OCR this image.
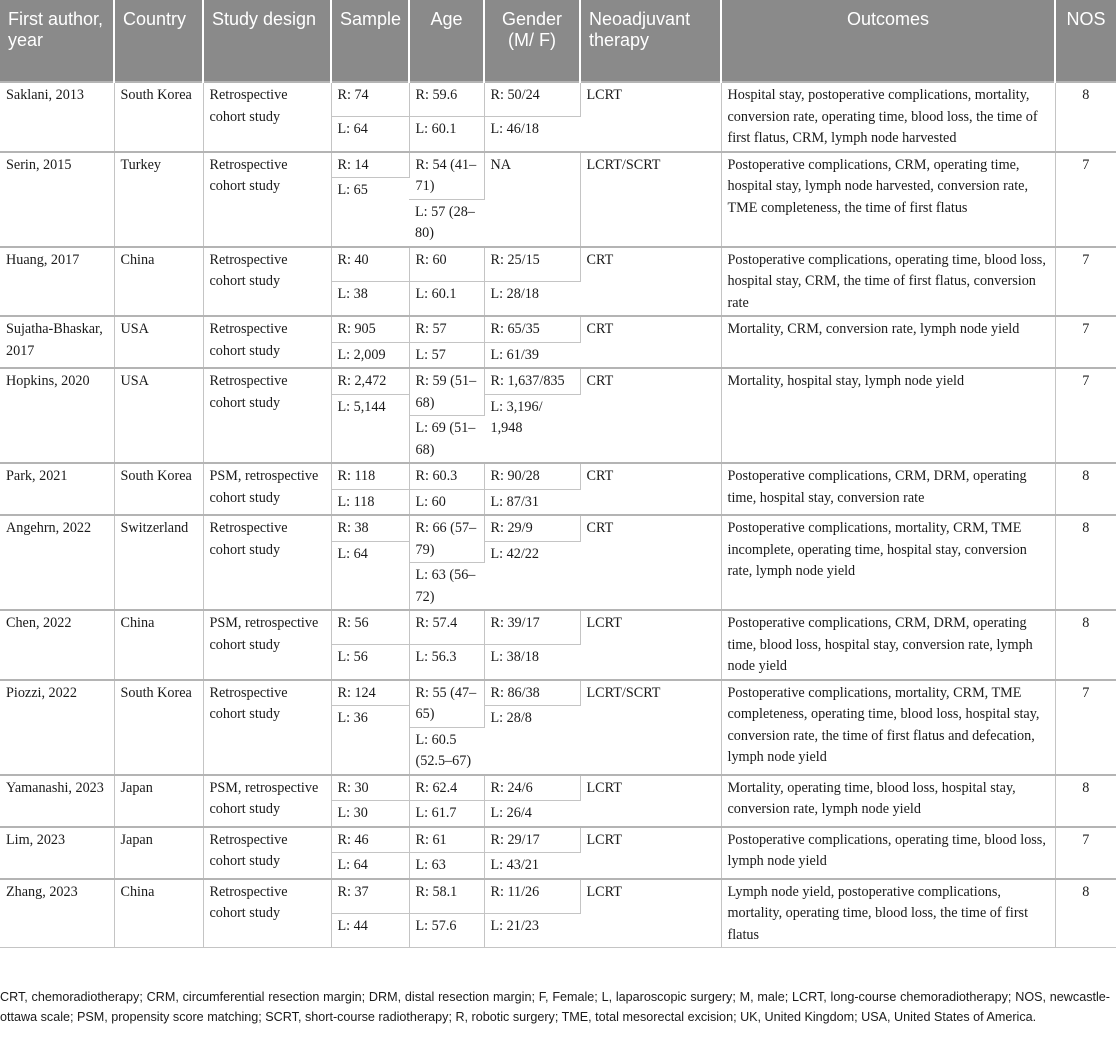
First author, year	Country	Study design	Sample	Age	Gender (M/ F)	Neoadjuvant therapy	Outcomes	NOS
Saklani, 2013	South Korea	Retrospective cohort study	R: 74	R: 59.6	R: 50/24	LCRT	Hospital stay, postoperative complications, mortality, conversion rate, operating time, blood loss, the time of first flatus, CRM, lymph node harvested	8
			L: 64	L: 60.1	L: 46/18			
Serin, 2015	Turkey	Retrospective cohort study	R: 14	R: 54 (41–71)	NA	LCRT/SCRT	Postoperative complications, CRM, operating time, hospital stay, lymph node harvested, conversion rate, TME completeness, the time of first flatus	7
			L: 65					
				L: 57 (28–80)				
Huang, 2017	China	Retrospective cohort study	R: 40	R: 60	R: 25/15	CRT	Postoperative complications, operating time, blood loss, hospital stay, CRM, the time of first flatus, conversion rate	7
			L: 38	L: 60.1	L: 28/18			
Sujatha-Bhaskar, 2017	USA	Retrospective cohort study	R: 905	R: 57	R: 65/35	CRT	Mortality, CRM, conversion rate, lymph node yield	7
			L: 2,009	L: 57	L: 61/39			
Hopkins, 2020	USA	Retrospective cohort study	R: 2,472	R: 59 (51–68)	R: 1,637/835	CRT	Mortality, hospital stay, lymph node yield	7
			L: 5,144		L: 3,196/ 1,948			
				L: 69 (51–68)				
Park, 2021	South Korea	PSM, retrospective cohort study	R: 118	R: 60.3	R: 90/28	CRT	Postoperative complications, CRM, DRM, operating time, hospital stay, conversion rate	8
			L: 118	L: 60	L: 87/31			
Angehrn, 2022	Switzerland	Retrospective cohort study	R: 38	R: 66 (57–79)	R: 29/9	CRT	Postoperative complications, mortality, CRM, TME incomplete, operating time, hospital stay, conversion rate, lymph node yield	8
			L: 64		L: 42/22			
				L: 63 (56–72)				
Chen, 2022	China	PSM, retrospective cohort study	R: 56	R: 57.4	R: 39/17	LCRT	Postoperative complications, CRM, DRM, operating time, blood loss, hospital stay, conversion rate, lymph node yield	8
			L: 56	L: 56.3	L: 38/18			
Piozzi, 2022	South Korea	Retrospective cohort study	R: 124	R: 55 (47–65)	R: 86/38	LCRT/SCRT	Postoperative complications, mortality, CRM, TME completeness, operating time, blood loss, hospital stay, conversion rate, the time of first flatus and defecation, lymph node yield	7
			L: 36		L: 28/8			
				L: 60.5 (52.5–67)				
Yamanashi, 2023	Japan	PSM, retrospective cohort study	R: 30	R: 62.4	R: 24/6	LCRT	Mortality, operating time, blood loss, hospital stay, conversion rate, lymph node yield	8
			L: 30	L: 61.7	L: 26/4			
Lim, 2023	Japan	Retrospective cohort study	R: 46	R: 61	R: 29/17	LCRT	Postoperative complications, operating time, blood loss, lymph node yield	7
			L: 64	L: 63	L: 43/21			
Zhang, 2023	China	Retrospective cohort study	R: 37	R: 58.1	R: 11/26	LCRT	Lymph node yield, postoperative complications, mortality, operating time, blood loss, the time of first flatus	8
			L: 44	L: 57.6	L: 21/23			
CRT, chemoradiotherapy; CRM, circumferential resection margin; DRM, distal resection margin; F, Female; L, laparoscopic surgery; M, male; LCRT, long-course chemoradiotherapy; NOS, newcastle-ottawa scale; PSM, propensity score matching; SCRT, short-course radiotherapy; R, robotic surgery; TME, total mesorectal excision; UK, United Kingdom; USA, United States of America.
